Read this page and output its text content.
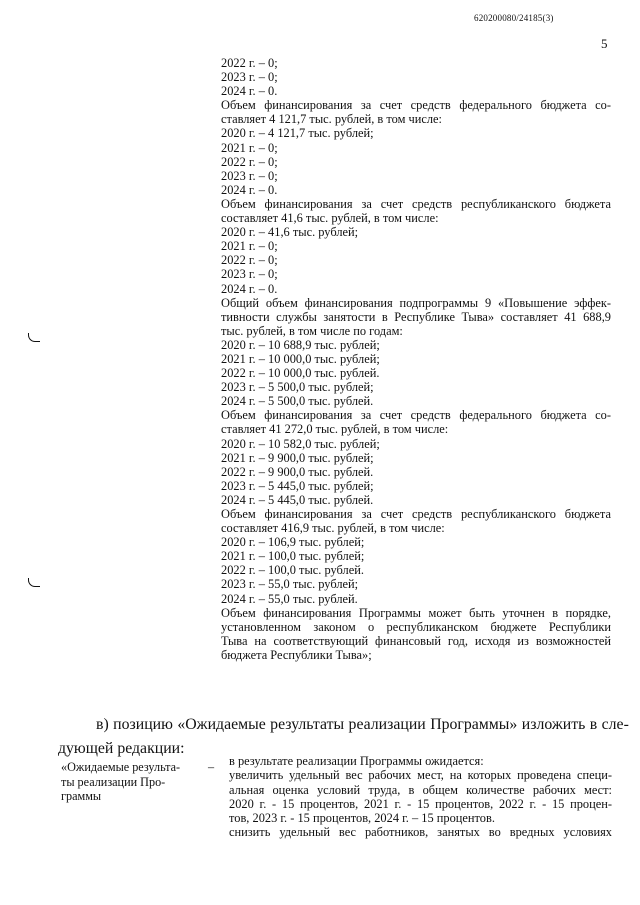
620200080/24185(3)
5
2022 г. – 0;
2023 г. – 0;
2024 г. – 0.
Объем финансирования за счет средств федерального бюджета со-
ставляет 4 121,7 тыс. рублей, в том числе:
2020 г. – 4 121,7 тыс. рублей;
2021 г. – 0;
2022 г. – 0;
2023 г. – 0;
2024 г. – 0.
Объем финансирования за счет средств республиканского бюджета
составляет 41,6 тыс. рублей, в том числе:
2020 г. – 41,6 тыс. рублей;
2021 г. – 0;
2022 г. – 0;
2023 г. – 0;
2024 г. – 0.
Общий объем финансирования подпрограммы 9 «Повышение эффек-
тивности службы занятости в Республике Тыва» составляет 41 688,9
тыс. рублей, в том числе по годам:
2020 г. – 10 688,9 тыс. рублей;
2021 г. – 10 000,0 тыс. рублей;
2022 г. – 10 000,0 тыс. рублей.
2023 г. – 5 500,0 тыс. рублей;
2024 г. – 5 500,0 тыс. рублей.
Объем финансирования за счет средств федерального бюджета со-
ставляет 41 272,0 тыс. рублей, в том числе:
2020 г. – 10 582,0 тыс. рублей;
2021 г. – 9 900,0 тыс. рублей;
2022 г. – 9 900,0 тыс. рублей.
2023 г. – 5 445,0 тыс. рублей;
2024 г. – 5 445,0 тыс. рублей.
Объем финансирования за счет средств республиканского бюджета
составляет 416,9 тыс. рублей, в том числе:
2020 г. – 106,9 тыс. рублей;
2021 г. – 100,0 тыс. рублей;
2022 г. – 100,0 тыс. рублей.
2023 г. – 55,0 тыс. рублей;
2024 г. – 55,0 тыс. рублей.
Объем финансирования Программы может быть уточнен в порядке,
установленном законом о республиканском бюджете Республики
Тыва на соответствующий финансовый год, исходя из возможностей
бюджета Республики Тыва»;
в) позицию «Ожидаемые результаты реализации Программы» изложить в сле-
дующей редакции:
«Ожидаемые результа-
ты реализации Про-
граммы
– в результате реализации Программы ожидается:
увеличить удельный вес рабочих мест, на которых проведена специ-
альная оценка условий труда, в общем количестве рабочих мест:
2020 г. - 15 процентов, 2021 г. - 15 процентов, 2022 г. - 15 процен-
тов, 2023 г. - 15 процентов, 2024 г. – 15 процентов.
снизить удельный вес работников, занятых во вредных условиях
